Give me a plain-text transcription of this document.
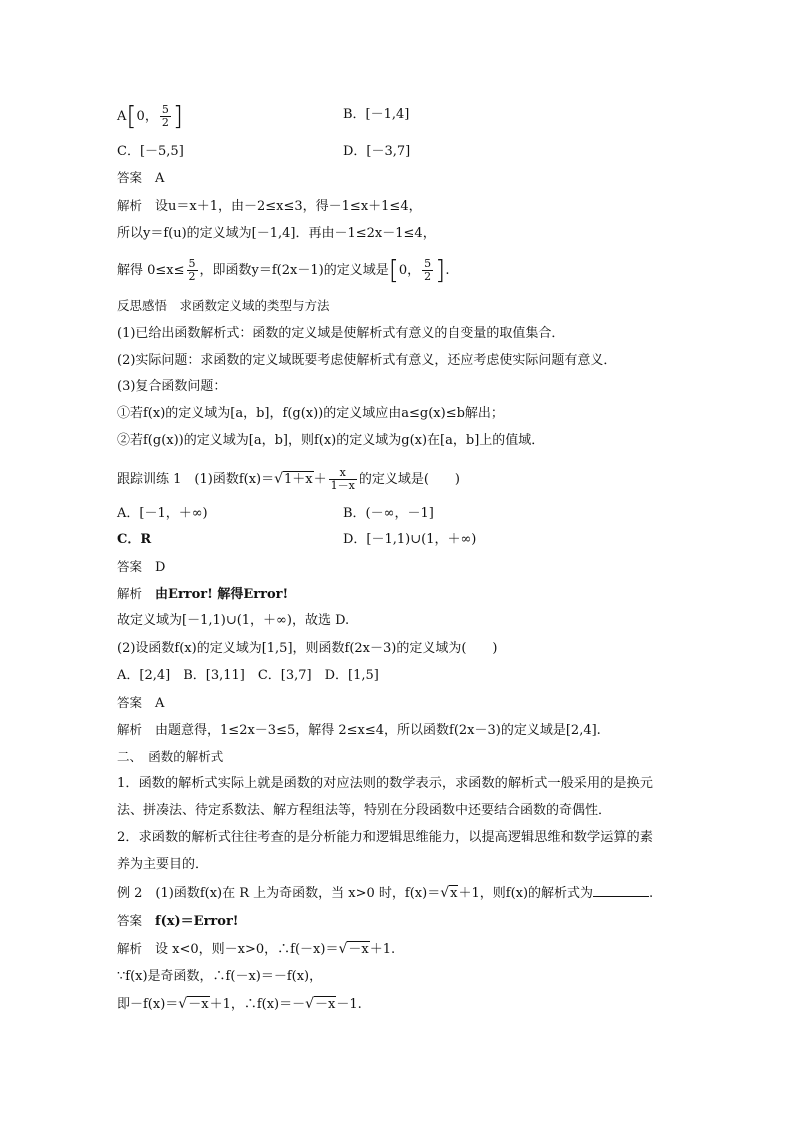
A[0， $\frac{5}{2}$ ]	B．[－1,4]
C．[－5,5]	D．[－3,7]
答案　 A
解析　 设u＝x＋1，由－2≤x≤3，得－1≤x＋1≤4，
所以y＝f(u)的定义域为[－1,4]．再由－1≤2x－1≤4，
解得 $0\le x\le \frac{5}{2}$ ，即函数y＝f(2x－1)的定义域是[0， $\frac{5}{2}$ ].
反思感悟　求函数定义域的类型与方法
(1)已给出函数解析式：函数的定义域是使解析式有意义的自变量的取值集合．
(2)实际问题：求函数的定义域既要考虑使解析式有意义，还应考虑使实际问题有意义．
(3)复合函数问题：
①若f(x)的定义域为[a，b]，f(g(x))的定义域应由a≤g(x)≤b解出；
②若f(g(x))的定义域为[a，b]，则f(x)的定义域为g(x)在[a，b]上的值域．
跟踪训练 1　(1)函数$f(x)=√1+x+ \frac{x}{1-x}$ 的定义域是(　　)
A．[－1，＋∞)	B．(－∞，－1]
C．R	D．[－1,1)∪(1，＋∞)
答案　 D
解析　 由Error! 解得Error!
故定义域为[－1,1)∪(1，＋∞)，故选 D.
(2)设函数f(x)的定义域为[1,5]，则函数f(2x－3)的定义域为(　　)
A．[2,4]　B．[3,11]　C．[3,7]　D．[1,5]
答案　 A
解析　 由题意得，1≤2x－3≤5，解得 2≤x≤4，所以函数f(2x－3)的定义域是[2,4].
二、　函数的解析式
1．函数的解析式实际上就是函数的对应法则的数学表示，求函数的解析式一般采用的是换元
法、拼凑法、待定系数法、解方程组法等，特别在分段函数中还要结合函数的奇偶性．
2．求函数的解析式往往考查的是分析能力和逻辑思维能力，以提高逻辑思维和数学运算的素
养为主要目的．
例 2　(1)函数f(x)在 R 上为奇函数，当 x>0 时，f(x)＝√x＋1，则f(x)的解析式为	.
答案　 f(x)＝Error!
解析　 设 x<0，则－x>0，∴f(－x)＝√－x＋1.
∵f(x)是奇函数，∴f(－x)＝－f(x)，
即－f(x)＝√－x＋1，∴f(x)＝－√－x－1.
